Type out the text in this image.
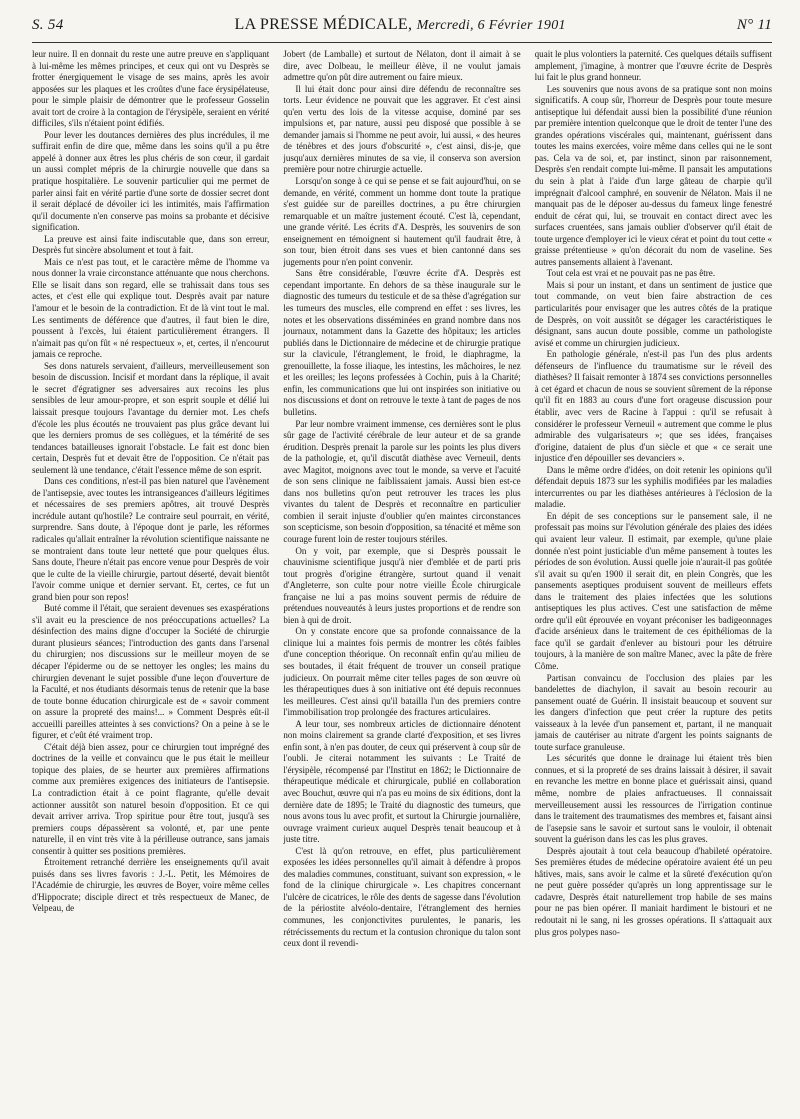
S. 54	LA PRESSE MÉDICALE, Mercredi, 6 Février 1901	N° 11

leur nuire. Il en donnait du reste une autre preuve en s'appliquant à lui-même les mêmes principes, et ceux qui ont vu Desprès se frotter énergiquement le visage de ses mains, après les avoir apposées sur les plaques et les croûtes d'une face érysipélateuse, pour le simple plaisir de démontrer que le professeur Gosselin avait tort de croire à la contagion de l'érysipèle, seraient en vérité difficiles, s'ils n'étaient point édifiés.

Pour lever les doutances dernières des plus incrédules, il me suffirait enfin de dire que, même dans les soins qu'il a pu être appelé à donner aux êtres les plus chéris de son cœur, il gardait un aussi complet mépris de la chirurgie nouvelle que dans sa pratique hospitalière. Le souvenir particulier qui me permet de parler ainsi fait en vérité partie d'une sorte de dossier secret dont il serait déplacé de dévoiler ici les intimités, mais l'affirmation qu'il documente n'en conserve pas moins sa probante et décisive signification.

La preuve est ainsi faite indiscutable que, dans son erreur, Desprès fut sincère absolument et tout à fait.

Mais ce n'est pas tout, et le caractère même de l'homme va nous donner la vraie circonstance atténuante que nous cherchons. Elle se lisait dans son regard, elle se trahissait dans tous ses actes, et c'est elle qui explique tout. Desprès avait par nature l'amour et le besoin de la contradiction. Et de là vint tout le mal. Les sentiments de déférence que d'autres, il faut bien le dire, poussent à l'excès, lui étaient particulièrement étrangers. Il n'aimait pas qu'on fût « né respectueux », et, certes, il n'encourut jamais ce reproche.

Ses dons naturels servaient, d'ailleurs, merveilleusement son besoin de discussion. Incisif et mordant dans la réplique, il avait le secret d'égratigner ses adversaires aux recoins les plus sensibles de leur amour-propre, et son esprit souple et délié lui laissait presque toujours l'avantage du dernier mot. Les chefs d'école les plus écoutés ne trouvaient pas plus grâce devant lui que les derniers promus de ses collègues, et la témérité de ses tendances batailleuses ignorait l'obstacle. Le fait est donc bien certain, Desprès fut et devait être de l'opposition. Ce n'était pas seulement là une tendance, c'était l'essence même de son esprit.

Dans ces conditions, n'est-il pas bien naturel que l'avènement de l'antisepsie, avec toutes les intransigeances d'ailleurs légitimes et nécessaires de ses premiers apôtres, ait trouvé Desprès incrédule autant qu'hostile? Le contraire seul pourrait, en vérité, surprendre. Sans doute, à l'époque dont je parle, les réformes radicales qu'allait entraîner la révolution scientifique naissante ne se montraient dans toute leur netteté que pour quelques élus. Sans doute, l'heure n'était pas encore venue pour Desprès de voir que le culte de la vieille chirurgie, partout déserté, devait bientôt l'avoir comme unique et dernier servant. Et, certes, ce fut un grand bien pour son repos!

Buté comme il l'était, que seraient devenues ses exaspérations s'il avait eu la prescience de nos préoccupations actuelles? La désinfection des mains digne d'occuper la Société de chirurgie durant plusieurs séances; l'introduction des gants dans l'arsenal du chirurgien; nos discussions sur le meilleur moyen de se décaper l'épiderme ou de se nettoyer les ongles; les mains du chirurgien devenant le sujet possible d'une leçon d'ouverture de la Faculté, et nos étudiants désormais tenus de retenir que la base de toute bonne éducation chirurgicale est de « savoir comment on assure la propreté des mains!... » Comment Desprès eût-il accueilli pareilles atteintes à ses convictions? On a peine à se le figurer, et c'eût été vraiment trop.

C'était déjà bien assez, pour ce chirurgien tout imprégné des doctrines de la veille et convaincu que le pus était le meilleur topique des plaies, de se heurter aux premières affirmations comme aux premières exigences des initiateurs de l'antisepsie. La contradiction était à ce point flagrante, qu'elle devait actionner aussitôt son naturel besoin d'opposition. Et ce qui devait arriver arriva. Trop spiritue pour être tout, jusqu'à ses premiers coups dépassèrent sa volonté, et, par une pente naturelle, il en vint très vite à la périlleuse outrance, sans jamais consentir à quitter ses positions premières.

Étroitement retranché derrière les enseignements qu'il avait puisés dans ses livres favoris : J.-L. Petit, les Mémoires de l'Académie de chirurgie, les œuvres de Boyer, voire même celles d'Hippocrate; disciple direct et très respectueux de Manec, de Velpeau, de

Jobert (de Lamballe) et surtout de Nélaton, dont il aimait à se dire, avec Dolbeau, le meilleur élève, il ne voulut jamais admettre qu'on pût dire autrement ou faire mieux.

Il lui était donc pour ainsi dire défendu de reconnaître ses torts. Leur évidence ne pouvait que les aggraver. Et c'est ainsi qu'en vertu des lois de la vitesse acquise, dominé par ses impulsions et, par nature, aussi peu disposé que possible à se demander jamais si l'homme ne peut avoir, lui aussi, « des heures de ténèbres et des jours d'obscurité », c'est ainsi, dis-je, que jusqu'aux dernières minutes de sa vie, il conserva son aversion première pour notre chirurgie actuelle.

Lorsqu'on songe à ce qui se pense et se fait aujourd'hui, on se demande, en vérité, comment un homme dont toute la pratique s'est guidée sur de pareilles doctrines, a pu être chirurgien remarquable et un maître justement écouté. C'est là, cependant, une grande vérité. Les écrits d'A. Desprès, les souvenirs de son enseignement en témoignent si hautement qu'il faudrait être, à son tour, bien étroit dans ses vues et bien cantonné dans ses jugements pour n'en point convenir.

Sans être considérable, l'œuvre écrite d'A. Desprès est cependant importante. En dehors de sa thèse inaugurale sur le diagnostic des tumeurs du testicule et de sa thèse d'agrégation sur les tumeurs des muscles, elle comprend en effet : ses livres, les notes et les observations disséminées en grand nombre dans nos journaux, notamment dans la Gazette des hôpitaux; les articles publiés dans le Dictionnaire de médecine et de chirurgie pratique sur la clavicule, l'étranglement, le froid, le diaphragme, la grenouillette, la fosse iliaque, les intestins, les mâchoires, le nez et les oreilles; les leçons professées à Cochin, puis à la Charité; enfin, les communications que lui ont inspirées son initiative ou nos discussions et dont on retrouve le texte à tant de pages de nos bulletins.

Par leur nombre vraiment immense, ces dernières sont le plus sûr gage de l'activité cérébrale de leur auteur et de sa grande érudition. Desprès prenait la parole sur les points les plus divers de la pathologie, et, qu'il discutât diathèse avec Verneuil, dents avec Magitot, moignons avec tout le monde, sa verve et l'acuité de son sens clinique ne faiblissaient jamais. Aussi bien est-ce dans nos bulletins qu'on peut retrouver les traces les plus vivantes du talent de Desprès et reconnaître en particulier combien il serait injuste d'oublier qu'en maintes circonstances son scepticisme, son besoin d'opposition, sa ténacité et même son courage furent loin de rester toujours stériles.

On y voit, par exemple, que si Desprès poussait le chauvinisme scientifique jusqu'à nier d'emblée et de parti pris tout progrès d'origine étrangère, surtout quand il venait d'Angleterre, son culte pour notre vieille École chirurgicale française ne lui a pas moins souvent permis de réduire de prétendues nouveautés à leurs justes proportions et de rendre son bien à qui de droit.

On y constate encore que sa profonde connaissance de la clinique lui a maintes fois permis de montrer les côtés faibles d'une conception théorique. On reconnaît enfin qu'au milieu de ses boutades, il était fréquent de trouver un conseil pratique judicieux. On pourrait même citer telles pages de son œuvre où les thérapeutiques dues à son initiative ont été depuis reconnues les meilleures. C'est ainsi qu'il batailla l'un des premiers contre l'immobilisation trop prolongée des fractures articulaires.

A leur tour, ses nombreux articles de dictionnaire dénotent non moins clairement sa grande clarté d'exposition, et ses livres enfin sont, à n'en pas douter, de ceux qui préservent à coup sûr de l'oubli. Je citerai notamment les suivants : Le Traité de l'érysipèle, récompensé par l'Institut en 1862; le Dictionnaire de thérapeutique médicale et chirurgicale, publié en collaboration avec Bouchut, œuvre qui n'a pas eu moins de six éditions, dont la dernière date de 1895; le Traité du diagnostic des tumeurs, que nous avons tous lu avec profit, et surtout la Chirurgie journalière, ouvrage vraiment curieux auquel Desprès tenait beaucoup et à juste titre.

C'est là qu'on retrouve, en effet, plus particulièrement exposées les idées personnelles qu'il aimait à défendre à propos des maladies communes, constituant, suivant son expression, « le fond de la clinique chirurgicale ». Les chapitres concernant l'ulcère de cicatrices, le rôle des dents de sagesse dans l'évolution de la périostite alvéolo-dentaire, l'étranglement des hernies communes, les conjonctivites purulentes, le panaris, les rétrécissements du rectum et la contusion chronique du talon sont ceux dont il revendi-

quait le plus volontiers la paternité. Ces quelques détails suffisent amplement, j'imagine, à montrer que l'œuvre écrite de Desprès lui fait le plus grand honneur.

Les souvenirs que nous avons de sa pratique sont non moins significatifs. A coup sûr, l'horreur de Desprès pour toute mesure antiseptique lui défendait aussi bien la possibilité d'une réunion par première intention quelconque que le droit de tenter l'une des grandes opérations viscérales qui, maintenant, guérissent dans toutes les mains exercées, voire même dans celles qui ne le sont pas. Cela va de soi, et, par instinct, sinon par raisonnement, Desprès s'en rendait compte lui-même. Il pansait les amputations du sein à plat à l'aide d'un large gâteau de charpie qu'il imprégnait d'alcool camphré, en souvenir de Nélaton. Mais il ne manquait pas de le déposer au-dessus du fameux linge fenestré enduit de cérat qui, lui, se trouvait en contact direct avec les surfaces cruentées, sans jamais oublier d'observer qu'il était de toute urgence d'employer ici le vieux cérat et point du tout cette « graisse prétentieuse » qu'on décorait du nom de vaseline. Ses autres pansements allaient à l'avenant.

Tout cela est vrai et ne pouvait pas ne pas être.

Mais si pour un instant, et dans un sentiment de justice que tout commande, on veut bien faire abstraction de ces particularités pour envisager que les autres côtés de la pratique de Desprès, on voit aussitôt se dégager les caractéristiques le désignant, sans aucun doute possible, comme un pathologiste avisé et comme un chirurgien judicieux.

En pathologie générale, n'est-il pas l'un des plus ardents défenseurs de l'influence du traumatisme sur le réveil des diathèses? Il faisait remonter à 1874 ses convictions personnelles à cet égard et chacun de nous se souvient sûrement de la réponse qu'il fit en 1883 au cours d'une fort orageuse discussion pour établir, avec vers de Racine à l'appui : qu'il se refusait à considérer le professeur Verneuil « autrement que comme le plus admirable des vulgarisateurs »; que ses idées, françaises d'origine, dataient de plus d'un siècle et que « ce serait une injustice d'en dépouiller ses devanciers ».

Dans le même ordre d'idées, on doit retenir les opinions qu'il défendait depuis 1873 sur les syphilis modifiées par les maladies intercurrentes ou par les diathèses antérieures à l'éclosion de la maladie.

En dépit de ses conceptions sur le pansement sale, il ne professait pas moins sur l'évolution générale des plaies des idées qui avaient leur valeur. Il estimait, par exemple, qu'une plaie donnée n'est point justiciable d'un même pansement à toutes les périodes de son évolution. Aussi quelle joie n'aurait-il pas goûtée s'il avait su qu'en 1900 il serait dit, en plein Congrès, que les pansements aseptiques produisent souvent de meilleurs effets dans le traitement des plaies infectées que les solutions antiseptiques les plus actives. C'est une satisfaction de même ordre qu'il eût éprouvée en voyant préconiser les badigeonnages d'acide arsénieux dans le traitement de ces épithéliomas de la face qu'il se gardait d'enlever au bistouri pour les détruire toujours, à la manière de son maître Manec, avec la pâte de frère Côme.

Partisan convaincu de l'occlusion des plaies par les bandelettes de diachylon, il savait au besoin recourir au pansement ouaté de Guérin. Il insistait beaucoup et souvent sur les dangers d'infection que peut créer la rupture des petits vaisseaux à la levée d'un pansement et, partant, il ne manquait jamais de cautériser au nitrate d'argent les points saignants de toute surface granuleuse.

Les sécurités que donne le drainage lui étaient très bien connues, et si la propreté de ses drains laissait à désirer, il savait en revanche les mettre en bonne place et guérissait ainsi, quand même, nombre de plaies anfractueuses. Il connaissait merveilleusement aussi les ressources de l'irrigation continue dans le traitement des traumatismes des membres et, faisant ainsi de l'asepsie sans le savoir et surtout sans le vouloir, il obtenait souvent la guérison dans les cas les plus graves.

Desprès ajoutait à tout cela beaucoup d'habileté opératoire. Ses premières études de médecine opératoire avaient été un peu hâtives, mais, sans avoir le calme et la sûreté d'exécution qu'on ne peut guère posséder qu'après un long apprentissage sur le cadavre, Desprès était naturellement trop habile de ses mains pour ne pas bien opérer. Il maniait hardiment le bistouri et ne redoutait ni le sang, ni les grosses opérations. Il s'attaquait aux plus gros polypes naso-
